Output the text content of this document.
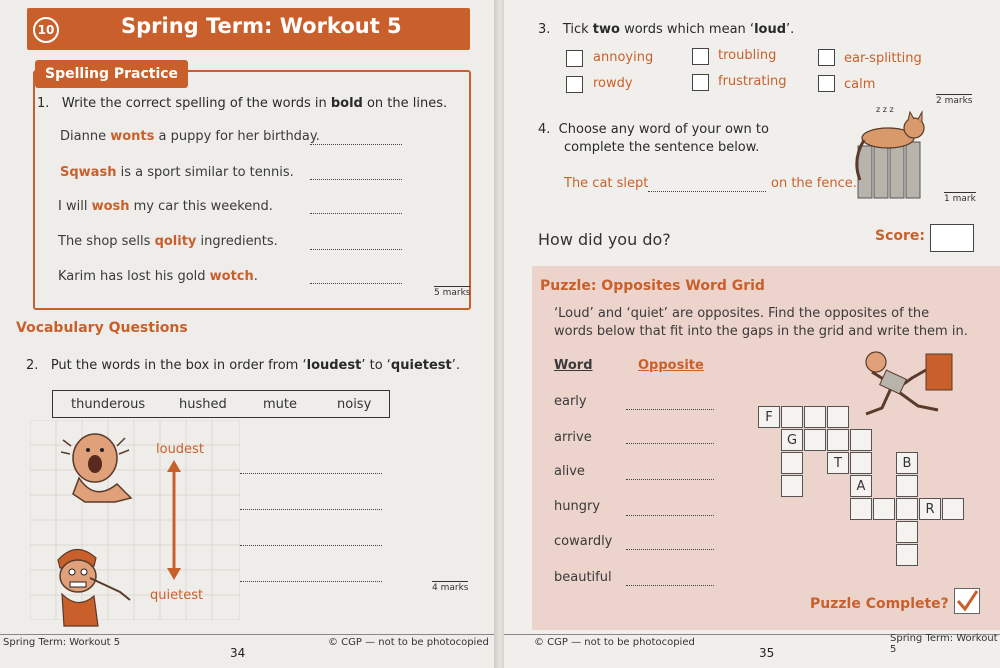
10	Spring Term: Workout 5
Spelling Practice
1. Write the correct spelling of the words in bold on the lines.
Dianne wonts a puppy for her birthday.
Sqwash is a sport similar to tennis.
I will wosh my car this weekend.
The shop sells qolity ingredients.
Karim has lost his gold wotch.
5 marks
Vocabulary Questions
2. Put the words in the box in order from ‘loudest’ to ‘quietest’.
thunderous	hushed	mute	noisy
loudest
quietest	4 marks
Spring Term: Workout 5
34
© CGP — not to be photocopied
3. Tick two words which mean ‘loud’.
annoying	troubling	ear-splitting
rowdy	frustrating	calm
2 marks
4. Choose any word of your own to
complete the sentence below.
The cat slept	on the fence.
z z z
1 mark
How did you do?	Score:
Puzzle: Opposites Word Grid
‘Loud’ and ‘quiet’ are opposites. Find the opposites of the
words below that fit into the gaps in the grid and write them in.
Word	Opposite
early
arrive
alive
hungry
cowardly
beautiful
F
G
T	B
A
R
Puzzle Complete?
© CGP — not to be photocopied
35
Spring Term: Workout 5
